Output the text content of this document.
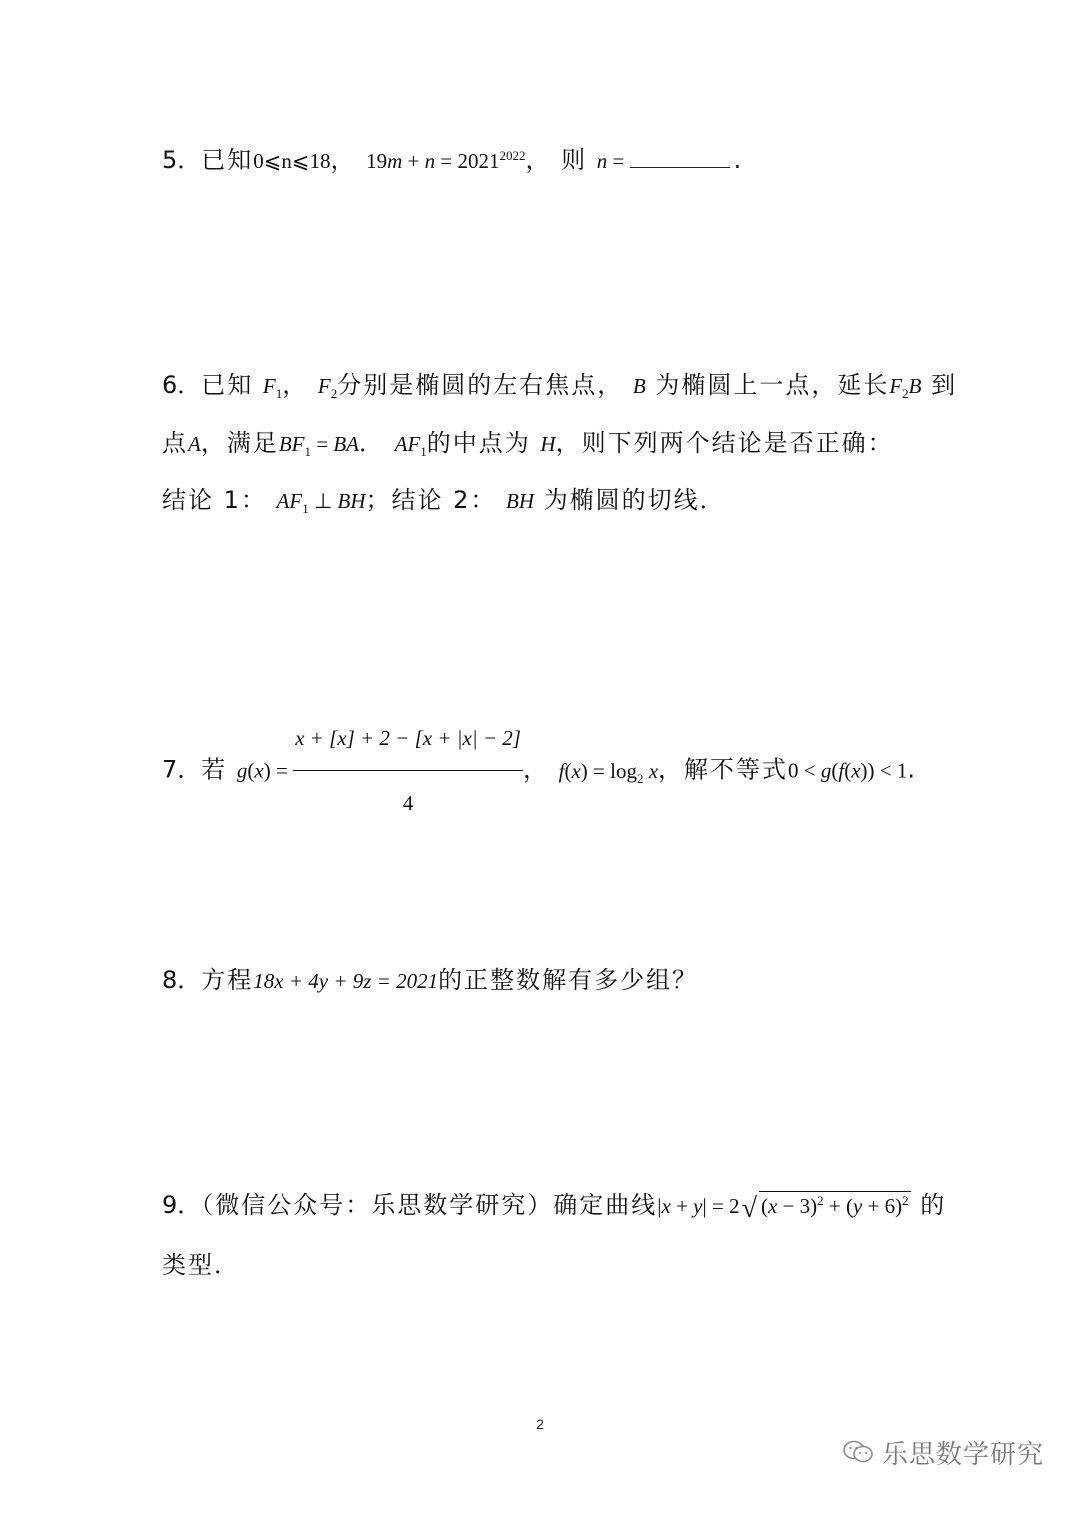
5．已知0⩽n⩽18， $19m + n = 2021^{2022}$， 则 n =	.
6．已知 $F_1$， $F_2$分别是椭圆的左右焦点， B 为椭圆上一点，延长$F_2B$ 到
点A，满足$BF_1$ = BA． $AF_1$的中点为 H，则下列两个结论是否正确：
结论 1： $AF_1$ ⊥ BH；结论 2： BH 为椭圆的切线．
7．若 $g(x) = \frac{x + [x] + 2 - [x + |x| - 2]}{4}$ ， $f(x) = \log_2 x$，解不等式0 < g(f(x)) < 1.
8．方程18x + 4y + 9z = 2021的正整数解有多少组？
9．（微信公众号：乐思数学研究）确定曲线|x + y| = 2√ $(x - 3)^2 + (y + 6)^2$ 的
类型．
2
乐思数学研究
